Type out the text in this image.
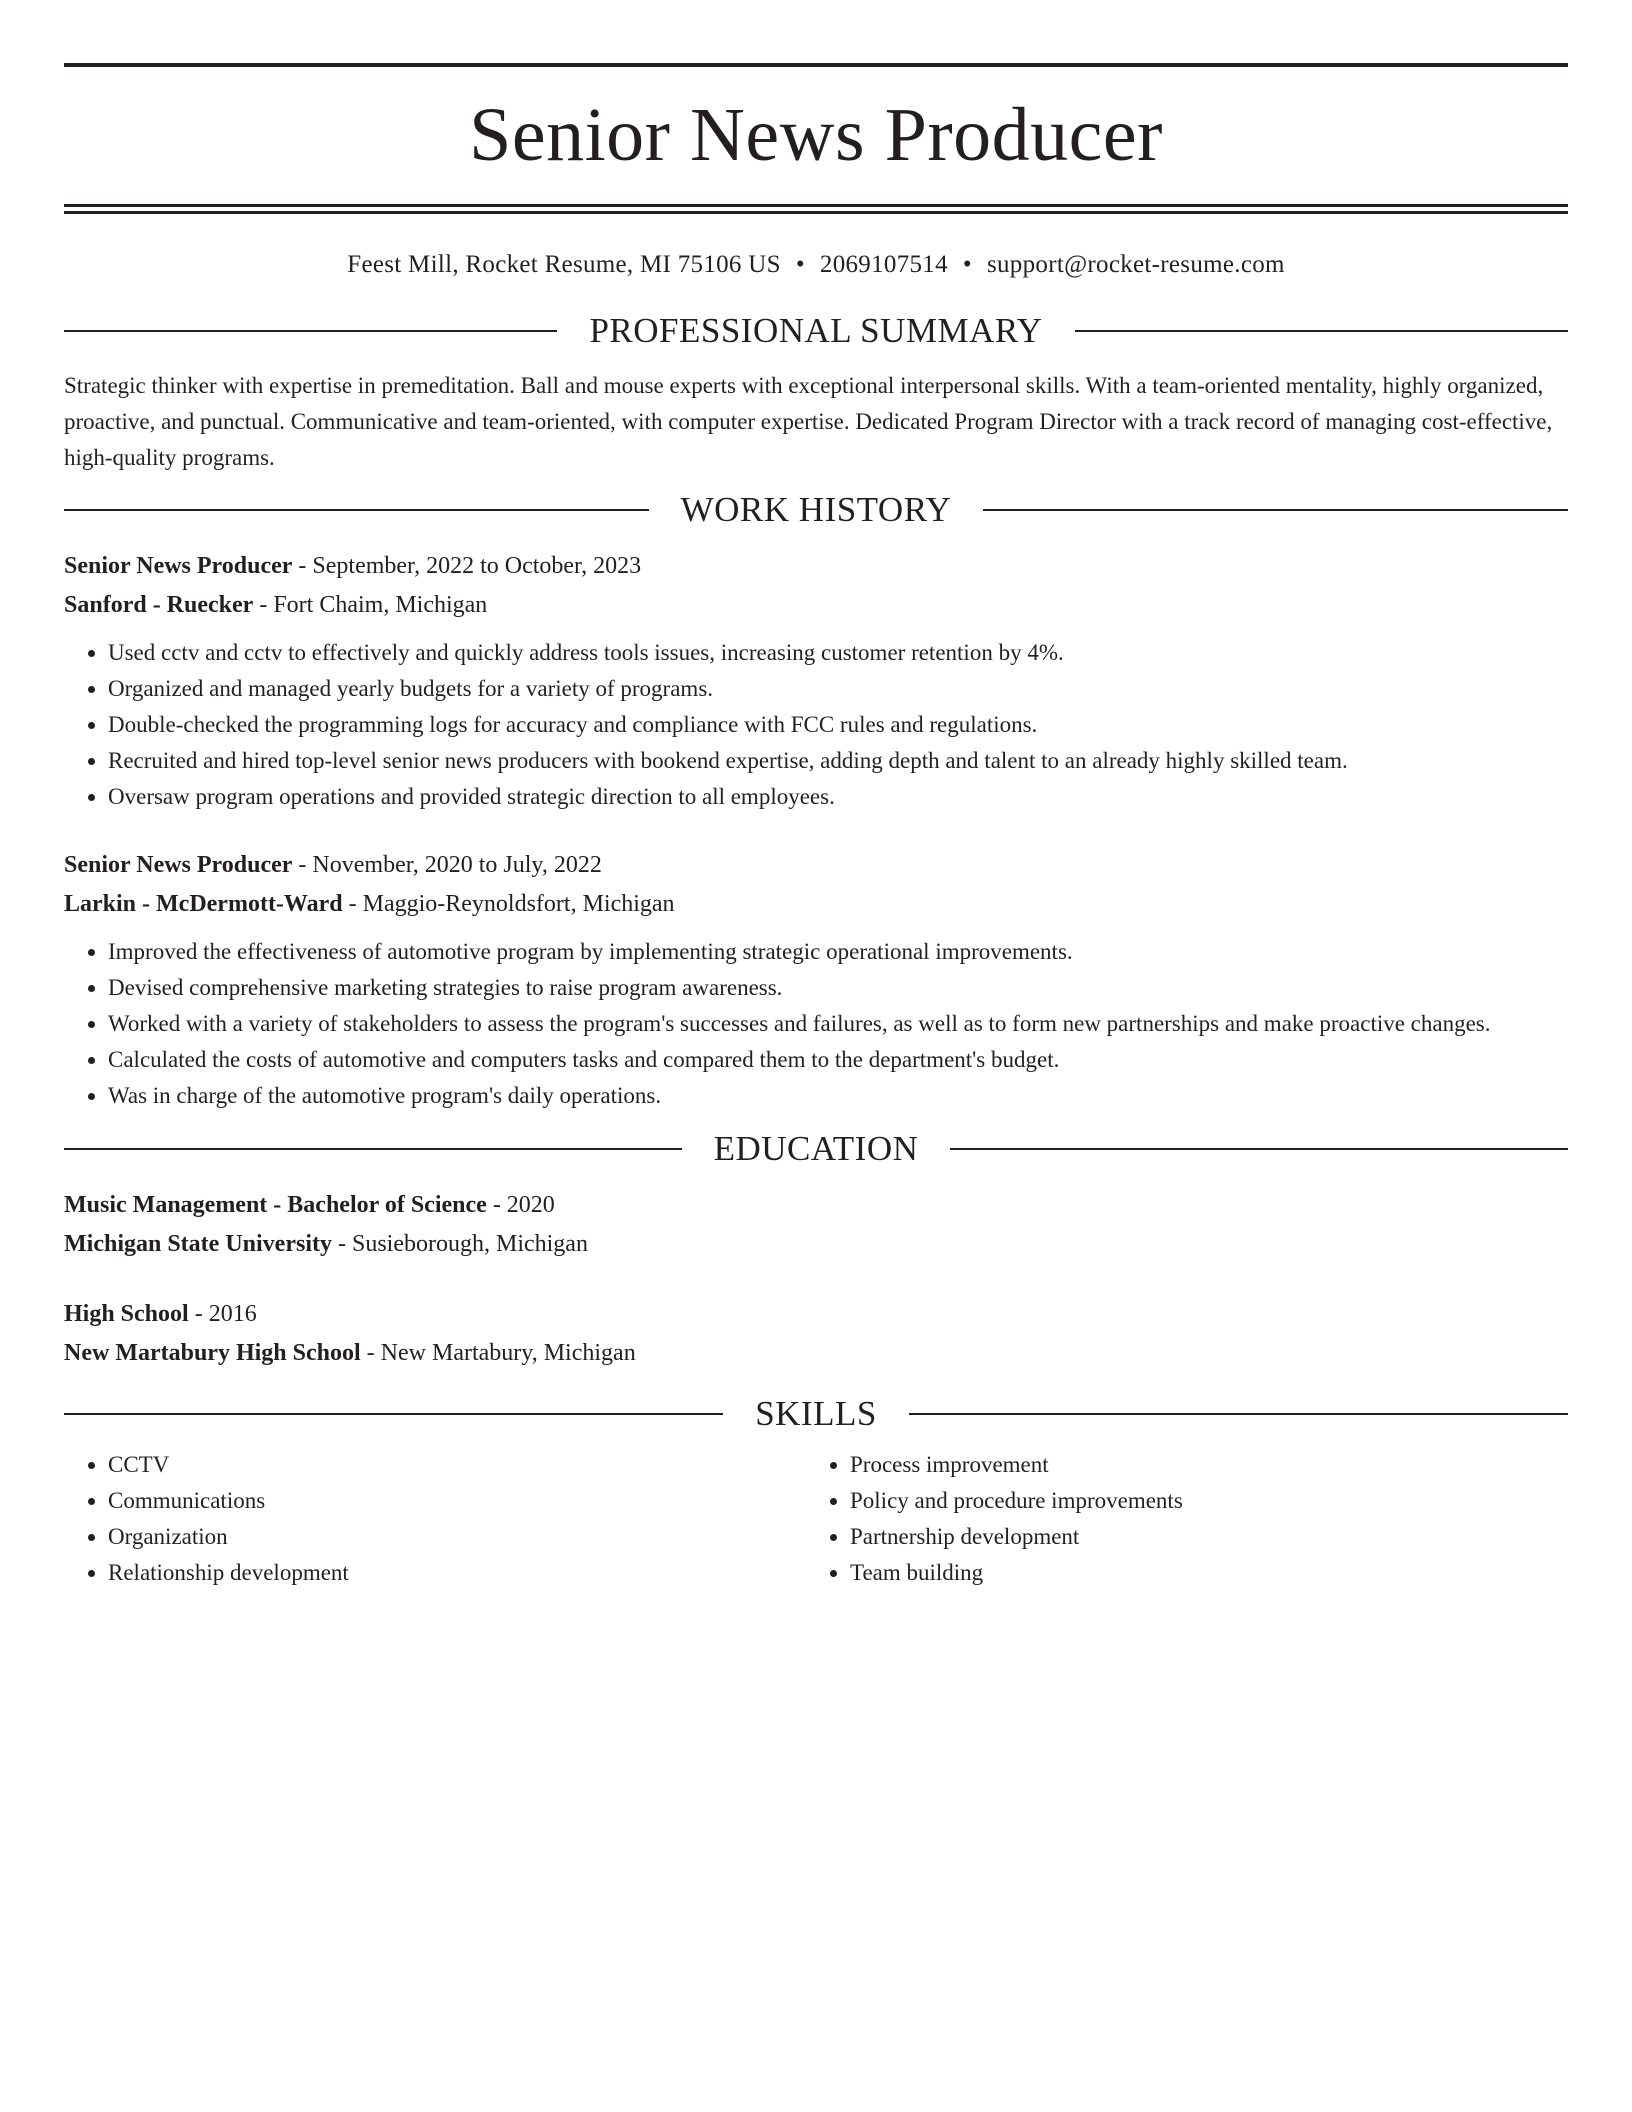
Senior News Producer
Feest Mill, Rocket Resume, MI 75106 US • 2069107514 • support@rocket-resume.com
PROFESSIONAL SUMMARY

Strategic thinker with expertise in premeditation. Ball and mouse experts with exceptional interpersonal skills. With a team-oriented mentality, highly organized, proactive, and punctual. Communicative and team-oriented, with computer expertise. Dedicated Program Director with a track record of managing cost-effective, high-quality programs.

WORK HISTORY
Senior News Producer - September, 2022 to October, 2023
Sanford - Ruecker - Fort Chaim, Michigan
• Used cctv and cctv to effectively and quickly address tools issues, increasing customer retention by 4%.
• Organized and managed yearly budgets for a variety of programs.
• Double-checked the programming logs for accuracy and compliance with FCC rules and regulations.
• Recruited and hired top-level senior news producers with bookend expertise, adding depth and talent to an already highly skilled team.
• Oversaw program operations and provided strategic direction to all employees.
Senior News Producer - November, 2020 to July, 2022
Larkin - McDermott-Ward - Maggio-Reynoldsfort, Michigan
• Improved the effectiveness of automotive program by implementing strategic operational improvements.
• Devised comprehensive marketing strategies to raise program awareness.
• Worked with a variety of stakeholders to assess the program's successes and failures, as well as to form new partnerships and make proactive changes.
• Calculated the costs of automotive and computers tasks and compared them to the department's budget.
• Was in charge of the automotive program's daily operations.
EDUCATION
Music Management - Bachelor of Science - 2020
Michigan State University - Susieborough, Michigan
High School - 2016
New Martabury High School - New Martabury, Michigan
SKILLS
• CCTV
• Communications
• Organization
• Relationship development
• Process improvement
• Policy and procedure improvements
• Partnership development
• Team building
